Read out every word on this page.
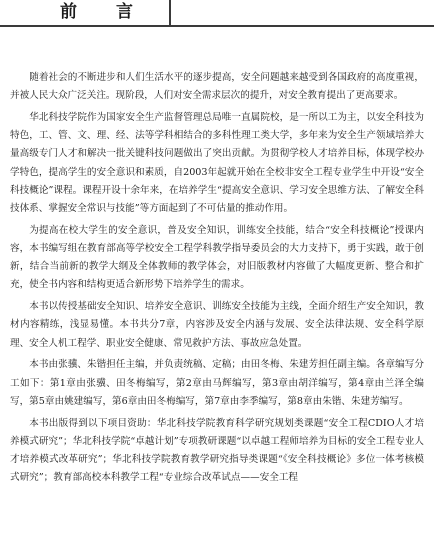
前　言

随着社会的不断进步和人们生活水平的逐步提高，安全问题越来越受到各国政府的高度重视，并被人民大众广泛关注。现阶段，人们对安全需求层次的提升，对安全教育提出了更高要求。

华北科技学院作为国家安全生产监督管理总局唯一直属院校，是一所以工为主，以安全科技为特色，工、管、文、理、经、法等学科相结合的多科性理工类大学，多年来为安全生产领域培养大量高级专门人才和解决一批关键科技问题做出了突出贡献。为贯彻学校人才培养目标，体现学校办学特色，提高学生的安全意识和素质，自2003年起就开始在全校非安全工程专业学生中开设“安全科技概论”课程。课程开设十余年来，在培养学生“提高安全意识、学习安全思维方法、了解安全科技体系、掌握安全常识与技能”等方面起到了不可估量的推动作用。

为提高在校大学生的安全意识，普及安全知识，训练安全技能，结合“安全科技概论”授课内容，本书编写组在教育部高等学校安全工程学科教学指导委员会的大力支持下，勇于实践，敢于创新，结合当前新的教学大纲及全体教师的教学体会，对旧版教材内容做了大幅度更新、整合和扩充，使全书内容和结构更适合新形势下培养学生的需求。

本书以传授基础安全知识、培养安全意识、训练安全技能为主线，全面介绍生产安全知识，教材内容精练，浅显易懂。本书共分7章，内容涉及安全内涵与发展、安全法律法规、安全科学原理、安全人机工程学、职业安全健康、常见救护方法、事故应急处置。

本书由张骥、朱锴担任主编，并负责统稿、定稿；由田冬梅、朱建芳担任副主编。各章编写分工如下：第1章由张骥、田冬梅编写，第2章由马辉编写，第3章由胡洋编写，第4章由兰泽全编写，第5章由姚建编写，第6章由田冬梅编写，第7章由李季编写，第8章由朱锴、朱建芳编写。

本书出版得到以下项目资助：华北科技学院教育科学研究规划类课题“安全工程CDIO人才培养模式研究”；华北科技学院“卓越计划”专项教研课题“以卓越工程师培养为目标的安全工程专业人才培养模式改革研究”；华北科技学院教育教学研究指导类课题“《安全科技概论》多位一体考核模式研究”；教育部高校本科教学工程“专业综合改革试点——安全工程
